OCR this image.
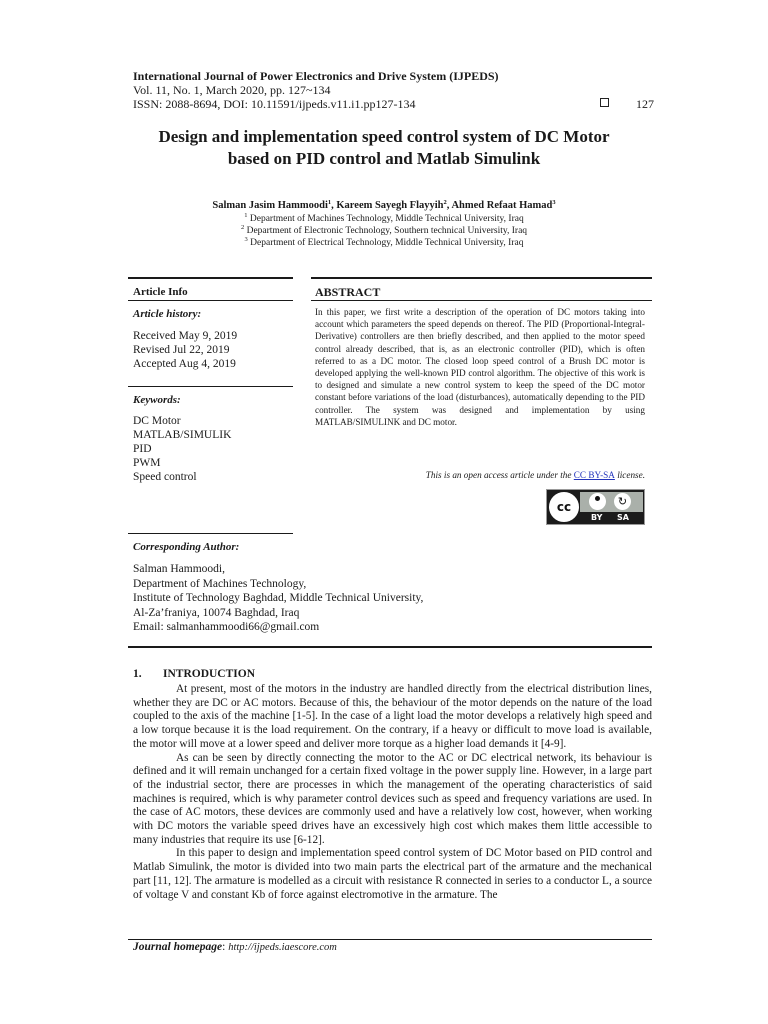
International Journal of Power Electronics and Drive System (IJPEDS)
Vol. 11, No. 1, March 2020, pp. 127~134
ISSN: 2088-8694, DOI: 10.11591/ijpeds.v11.i1.pp127-134	127
Design and implementation speed control system of DC Motor
based on PID control and Matlab Simulink
Salman Jasim Hammoodi$^1$, Kareem Sayegh Flayyih$^2$, Ahmed Refaat Hamad$^3$
$^1$ Department of Machines Technology, Middle Technical University, Iraq
$^2$ Department of Electronic Technology, Southern technical University, Iraq
$^3$ Department of Electrical Technology, Middle Technical University, Iraq
Article Info
Article history:
Received May 9, 2019
Revised Jul 22, 2019
Accepted Aug 4, 2019
Keywords:
DC Motor
MATLAB/SIMULIK
PID
PWM
Speed control
ABSTRACT
In this paper, we first write a description of the operation of DC motors taking into account which parameters the speed depends on thereof. The PID (Proportional-Integral-Derivative) controllers are then briefly described, and then applied to the motor speed control already described, that is, as an electronic controller (PID), which is often referred to as a DC motor. The closed loop speed control of a Brush DC motor is developed applying the well-known PID control algorithm. The objective of this work is to designed and simulate a new control system to keep the speed of the DC motor constant before variations of the load (disturbances), automatically depending to the PID controller. The system was designed and implementation by using MATLAB/SIMULINK and DC motor.
This is an open access article under the CC BY-SA license.
cc	↻
BY SA
Corresponding Author:
Salman Hammoodi,
Department of Machines Technology,
Institute of Technology Baghdad, Middle Technical University,
Al-Za’franiya, 10074 Baghdad, Iraq
Email: salmanhammoodi66@gmail.com
1. INTRODUCTION

At present, most of the motors in the industry are handled directly from the electrical distribution lines, whether they are DC or AC motors. Because of this, the behaviour of the motor depends on the nature of the load coupled to the axis of the machine [1-5]. In the case of a light load the motor develops a relatively high speed and a low torque because it is the load requirement. On the contrary, if a heavy or difficult to move load is available, the motor will move at a lower speed and deliver more torque as a higher load demands it [4-9].

As can be seen by directly connecting the motor to the AC or DC electrical network, its behaviour is defined and it will remain unchanged for a certain fixed voltage in the power supply line. However, in a large part of the industrial sector, there are processes in which the management of the operating characteristics of said machines is required, which is why parameter control devices such as speed and frequency variations are used. In the case of AC motors, these devices are commonly used and have a relatively low cost, however, when working with DC motors the variable speed drives have an excessively high cost which makes them little accessible to many industries that require its use [6-12].

In this paper to design and implementation speed control system of DC Motor based on PID control and Matlab Simulink, the motor is divided into two main parts the electrical part of the armature and the mechanical part [11, 12]. The armature is modelled as a circuit with resistance R connected in series to a conductor L, a source of voltage V and constant Kb of force against electromotive in the armature. The

Journal homepage: http://ijpeds.iaescore.com
